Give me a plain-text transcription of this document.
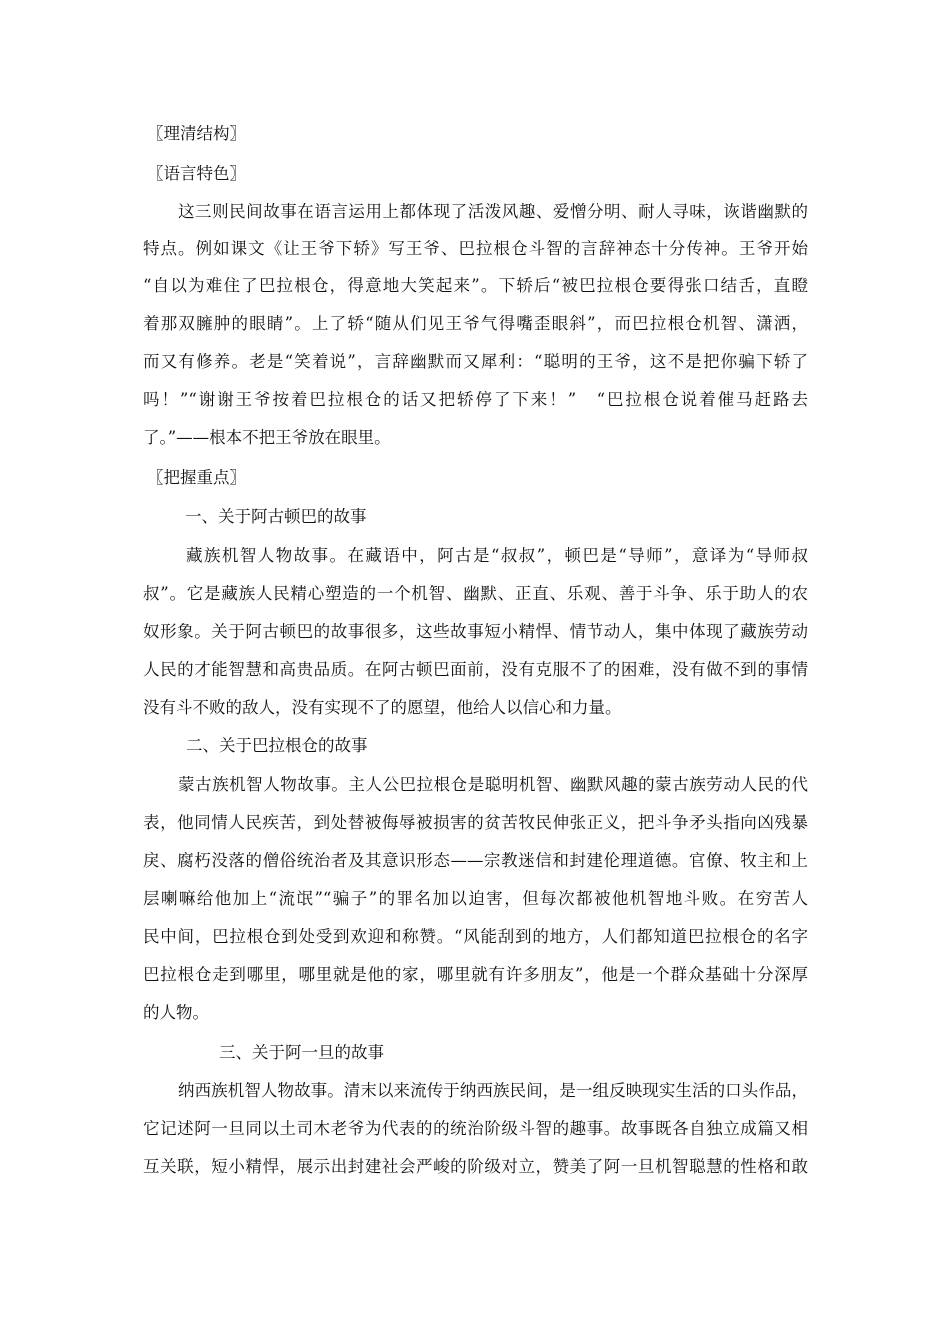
〖理清结构〗
〖语言特色〗
这三则民间故事在语言运用上都体现了活泼风趣、爱憎分明、耐人寻味，诙谐幽默的
特点。例如课文《让王爷下轿》写王爷、巴拉根仓斗智的言辞神态十分传神。王爷开始
“自以为难住了巴拉根仓，得意地大笑起来”。下轿后“被巴拉根仓要得张口结舌，直瞪
着那双臃肿的眼睛”。上了轿“随从们见王爷气得嘴歪眼斜”，而巴拉根仓机智、潇洒，
而又有修养。老是“笑着说”，言辞幽默而又犀利：“聪明的王爷，这不是把你骗下轿了
吗！”“谢谢王爷按着巴拉根仓的话又把轿停了下来！”　“巴拉根仓说着催马赶路去
了。”——根本不把王爷放在眼里。
〖把握重点〗
一、关于阿古顿巴的故事
藏族机智人物故事。在藏语中，阿古是“叔叔”，顿巴是“导师”，意译为“导师叔
叔”。它是藏族人民精心塑造的一个机智、幽默、正直、乐观、善于斗争、乐于助人的农
奴形象。关于阿古顿巴的故事很多，这些故事短小精悍、情节动人，集中体现了藏族劳动
人民的才能智慧和高贵品质。在阿古顿巴面前，没有克服不了的困难，没有做不到的事情
没有斗不败的敌人，没有实现不了的愿望，他给人以信心和力量。
二、关于巴拉根仓的故事
蒙古族机智人物故事。主人公巴拉根仓是聪明机智、幽默风趣的蒙古族劳动人民的代
表，他同情人民疾苦，到处替被侮辱被损害的贫苦牧民伸张正义，把斗争矛头指向凶残暴
戾、腐朽没落的僧俗统治者及其意识形态——宗教迷信和封建伦理道德。官僚、牧主和上
层喇嘛给他加上“流氓”“骗子”的罪名加以迫害，但每次都被他机智地斗败。在穷苦人
民中间，巴拉根仓到处受到欢迎和称赞。“风能刮到的地方，人们都知道巴拉根仓的名字
巴拉根仓走到哪里，哪里就是他的家，哪里就有许多朋友”，他是一个群众基础十分深厚
的人物。
三、关于阿一旦的故事
纳西族机智人物故事。清末以来流传于纳西族民间，是一组反映现实生活的口头作品，
它记述阿一旦同以土司木老爷为代表的的统治阶级斗智的趣事。故事既各自独立成篇又相
互关联，短小精悍，展示出封建社会严峻的阶级对立，赞美了阿一旦机智聪慧的性格和敢
